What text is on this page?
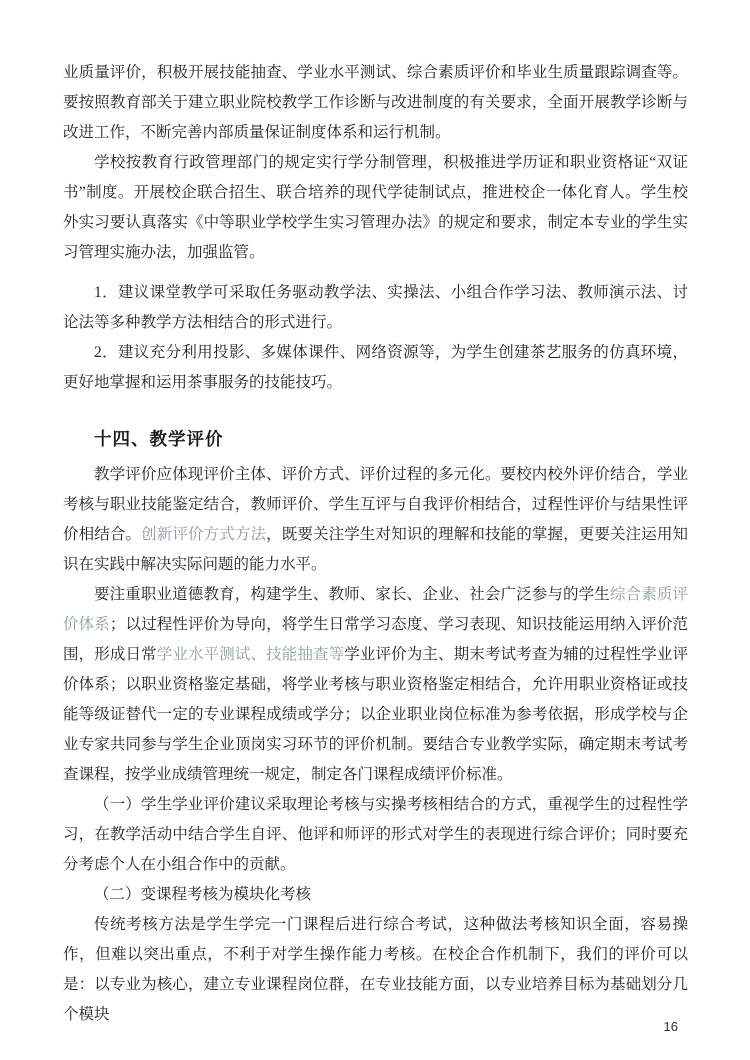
业质量评价，积极开展技能抽查、学业水平测试、综合素质评价和毕业生质量跟踪调查等。要按照教育部关于建立职业院校教学工作诊断与改进制度的有关要求，全面开展教学诊断与改进工作，不断完善内部质量保证制度体系和运行机制。

学校按教育行政管理部门的规定实行学分制管理，积极推进学历证和职业资格证“双证书”制度。开展校企联合招生、联合培养的现代学徒制试点，推进校企一体化育人。学生校外实习要认真落实《中等职业学校学生实习管理办法》的规定和要求，制定本专业的学生实习管理实施办法，加强监管。

1．建议课堂教学可采取任务驱动教学法、实操法、小组合作学习法、教师演示法、讨论法等多种教学方法相结合的形式进行。

2．建议充分利用投影、多媒体课件、网络资源等，为学生创建茶艺服务的仿真环境，更好地掌握和运用茶事服务的技能技巧。

十四、教学评价

教学评价应体现评价主体、评价方式、评价过程的多元化。要校内校外评价结合，学业考核与职业技能鉴定结合，教师评价、学生互评与自我评价相结合，过程性评价与结果性评价相结合。创新评价方式方法，既要关注学生对知识的理解和技能的掌握，更要关注运用知识在实践中解决实际问题的能力水平。

要注重职业道德教育，构建学生、教师、家长、企业、社会广泛参与的学生综合素质评价体系；以过程性评价为导向，将学生日常学习态度、学习表现、知识技能运用纳入评价范围，形成日常学业水平测试、技能抽查等学业评价为主、期末考试考查为辅的过程性学业评价体系；以职业资格鉴定基础，将学业考核与职业资格鉴定相结合，允许用职业资格证或技能等级证替代一定的专业课程成绩或学分；以企业职业岗位标准为参考依据，形成学校与企业专家共同参与学生企业顶岗实习环节的评价机制。要结合专业教学实际，确定期末考试考查课程，按学业成绩管理统一规定，制定各门课程成绩评价标准。

（一）学生学业评价建议采取理论考核与实操考核相结合的方式，重视学生的过程性学习，在教学活动中结合学生自评、他评和师评的形式对学生的表现进行综合评价；同时要充分考虑个人在小组合作中的贡献。

（二）变课程考核为模块化考核

传统考核方法是学生学完一门课程后进行综合考试，这种做法考核知识全面，容易操作，但难以突出重点，不利于对学生操作能力考核。在校企合作机制下，我们的评价可以是：以专业为核心，建立专业课程岗位群，在专业技能方面，以专业培养目标为基础划分几个模块

16
